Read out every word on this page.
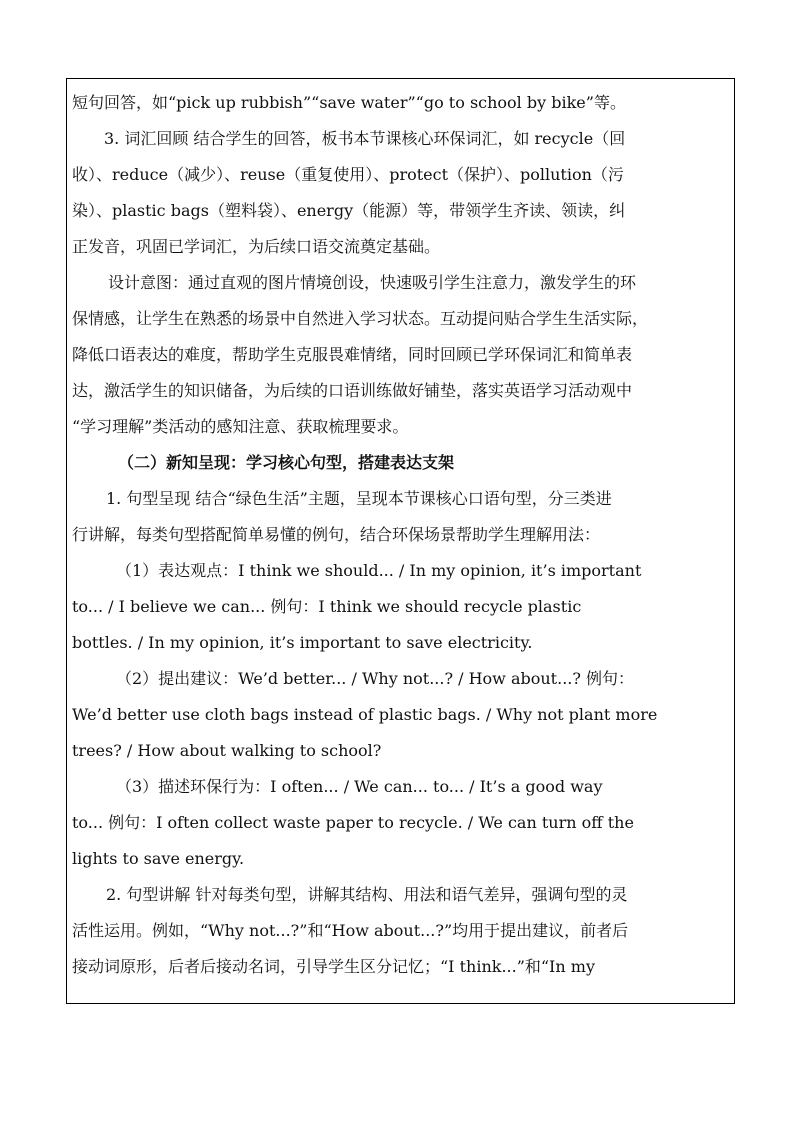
短句回答，如“pick up rubbish”“save water”“go to school by bike”等。
3. 词汇回顾 结合学生的回答，板书本节课核心环保词汇，如 recycle（回
收）、reduce（减少）、reuse（重复使用）、protect（保护）、pollution（污
染）、plastic bags（塑料袋）、energy（能源）等，带领学生齐读、领读，纠
正发音，巩固已学词汇，为后续口语交流奠定基础。
设计意图：通过直观的图片情境创设，快速吸引学生注意力，激发学生的环
保情感，让学生在熟悉的场景中自然进入学习状态。互动提问贴合学生生活实际，
降低口语表达的难度，帮助学生克服畏难情绪，同时回顾已学环保词汇和简单表
达，激活学生的知识储备，为后续的口语训练做好铺垫，落实英语学习活动观中
“学习理解”类活动的感知注意、获取梳理要求。
（二）新知呈现：学习核心句型，搭建表达支架
1. 句型呈现 结合“绿色生活”主题，呈现本节课核心口语句型，分三类进
行讲解，每类句型搭配简单易懂的例句，结合环保场景帮助学生理解用法：
（1）表达观点：I think we should... / In my opinion, it’s important
to... / I believe we can... 例句：I think we should recycle plastic
bottles. / In my opinion, it’s important to save electricity.
（2）提出建议：We’d better... / Why not...? / How about...? 例句：
We’d better use cloth bags instead of plastic bags. / Why not plant more
trees? / How about walking to school?
（3）描述环保行为：I often... / We can... to... / It’s a good way
to... 例句：I often collect waste paper to recycle. / We can turn off the
lights to save energy.
2. 句型讲解 针对每类句型，讲解其结构、用法和语气差异，强调句型的灵
活性运用。例如，“Why not...?”和“How about...?”均用于提出建议，前者后
接动词原形，后者后接动名词，引导学生区分记忆；“I think...”和“In my
